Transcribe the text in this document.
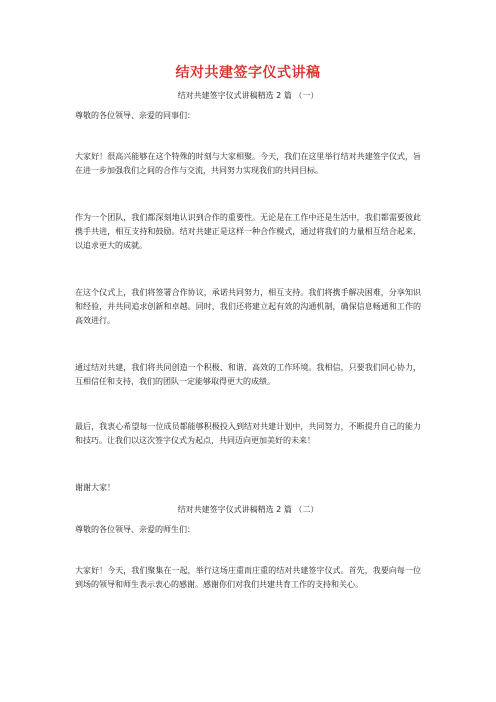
结对共建签字仪式讲稿
结对共建签字仪式讲稿精选 2 篇 （一）
尊敬的各位领导、亲爱的同事们：
大家好！很高兴能够在这个特殊的时刻与大家相聚。今天，我们在这里举行结对共建签字仪式，旨在进一步加强我们之间的合作与交流，共同努力实现我们的共同目标。
作为一个团队，我们都深刻地认识到合作的重要性。无论是在工作中还是生活中，我们都需要彼此携手共进，相互支持和鼓励。结对共建正是这样一种合作模式，通过将我们的力量相互结合起来，以追求更大的成就。
在这个仪式上，我们将签署合作协议，承诺共同努力，相互支持。我们将携手解决困难，分享知识和经验，并共同追求创新和卓越。同时，我们还将建立起有效的沟通机制，确保信息畅通和工作的高效进行。
通过结对共建，我们将共同创造一个积极、和谐、高效的工作环境。我相信，只要我们同心协力，互相信任和支持，我们的团队一定能够取得更大的成绩。
最后，我衷心希望每一位成员都能够积极投入到结对共建计划中，共同努力，不断提升自己的能力和技巧。让我们以这次签字仪式为起点，共同迈向更加美好的未来！
谢谢大家！
结对共建签字仪式讲稿精选 2 篇 （二）
尊敬的各位领导、亲爱的师生们：
大家好！今天，我们聚集在一起，举行这场庄重而庄重的结对共建签字仪式。首先，我要向每一位到场的领导和师生表示衷心的感谢。感谢你们对我们共建共育工作的支持和关心。
